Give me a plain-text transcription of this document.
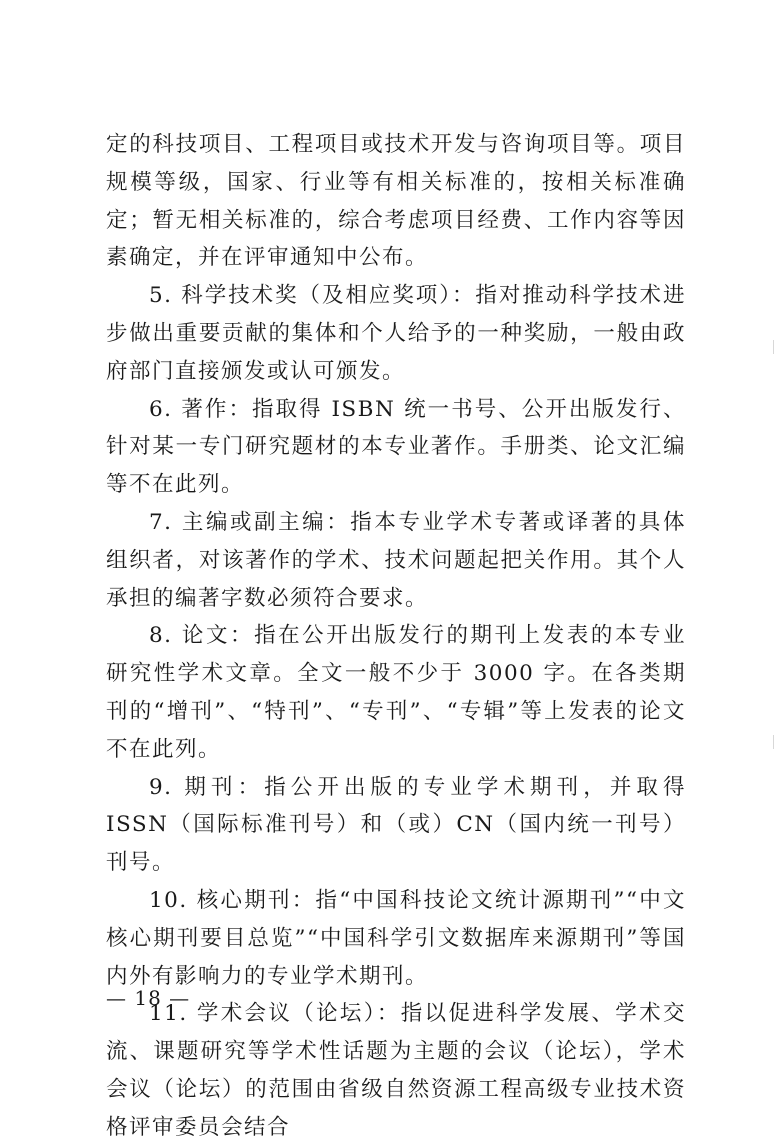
定的科技项目、工程项目或技术开发与咨询项目等。项目规模等级，国家、行业等有相关标准的，按相关标准确定；暂无相关标准的，综合考虑项目经费、工作内容等因素确定，并在评审通知中公布。

5. 科学技术奖（及相应奖项）：指对推动科学技术进步做出重要贡献的集体和个人给予的一种奖励，一般由政府部门直接颁发或认可颁发。

6. 著作：指取得 ISBN 统一书号、公开出版发行、针对某一专门研究题材的本专业著作。手册类、论文汇编等不在此列。

7. 主编或副主编：指本专业学术专著或译著的具体组织者，对该著作的学术、技术问题起把关作用。其个人承担的编著字数必须符合要求。

8. 论文：指在公开出版发行的期刊上发表的本专业研究性学术文章。全文一般不少于 3000 字。在各类期刊的“增刊”、“特刊”、“专刊”、“专辑”等上发表的论文不在此列。

9. 期刊：指公开出版的专业学术期刊，并取得 ISSN（国际标准刊号）和（或）CN（国内统一刊号）刊号。

10. 核心期刊：指“中国科技论文统计源期刊”“中文核心期刊要目总览”“中国科学引文数据库来源期刊”等国内外有影响力的专业学术期刊。

11. 学术会议（论坛）：指以促进科学发展、学术交流、课题研究等学术性话题为主题的会议（论坛），学术会议（论坛）的范围由省级自然资源工程高级专业技术资格评审委员会结合

— 18 —
